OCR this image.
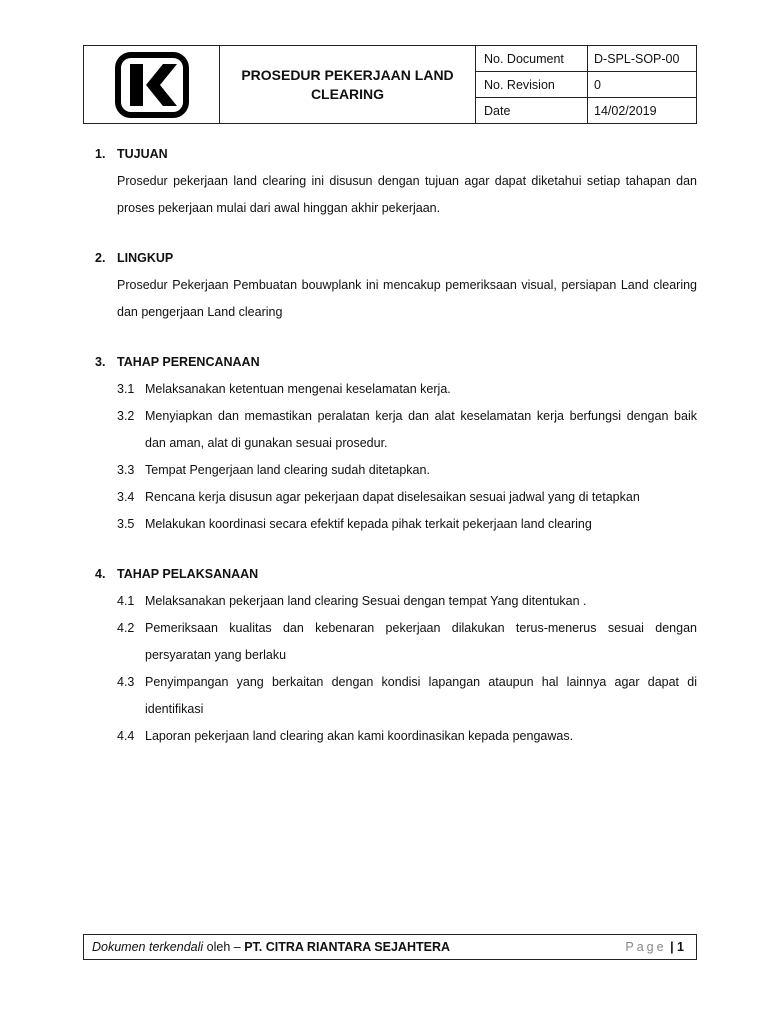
PROSEDUR PEKERJAAN LAND CLEARING
No. Document	D-SPL-SOP-00
No. Revision	0
Date	14/02/2019
1. TUJUAN
Prosedur pekerjaan land clearing ini disusun dengan tujuan agar dapat diketahui setiap tahapan dan proses pekerjaan mulai dari awal hinggan akhir pekerjaan.
2. LINGKUP
Prosedur Pekerjaan Pembuatan bouwplank ini mencakup pemeriksaan visual, persiapan Land clearing dan pengerjaan Land clearing
3. TAHAP PERENCANAAN
3.1 Melaksanakan ketentuan mengenai keselamatan kerja.
3.2 Menyiapkan dan memastikan peralatan kerja dan alat keselamatan kerja berfungsi dengan baik dan aman, alat di gunakan sesuai prosedur.
3.3 Tempat Pengerjaan land clearing sudah ditetapkan.
3.4 Rencana kerja disusun agar pekerjaan dapat diselesaikan sesuai jadwal yang di tetapkan
3.5 Melakukan koordinasi secara efektif kepada pihak terkait pekerjaan land clearing
4. TAHAP PELAKSANAAN
4.1 Melaksanakan pekerjaan land clearing Sesuai dengan tempat Yang ditentukan .
4.2 Pemeriksaan kualitas dan kebenaran pekerjaan dilakukan terus-menerus sesuai dengan persyaratan yang berlaku
4.3 Penyimpangan yang berkaitan dengan kondisi lapangan ataupun hal lainnya agar dapat di identifikasi
4.4 Laporan pekerjaan land clearing akan kami koordinasikan kepada pengawas.
Dokumen terkendali oleh – PT. CITRA RIANTARA SEJAHTERA	Page | 1
